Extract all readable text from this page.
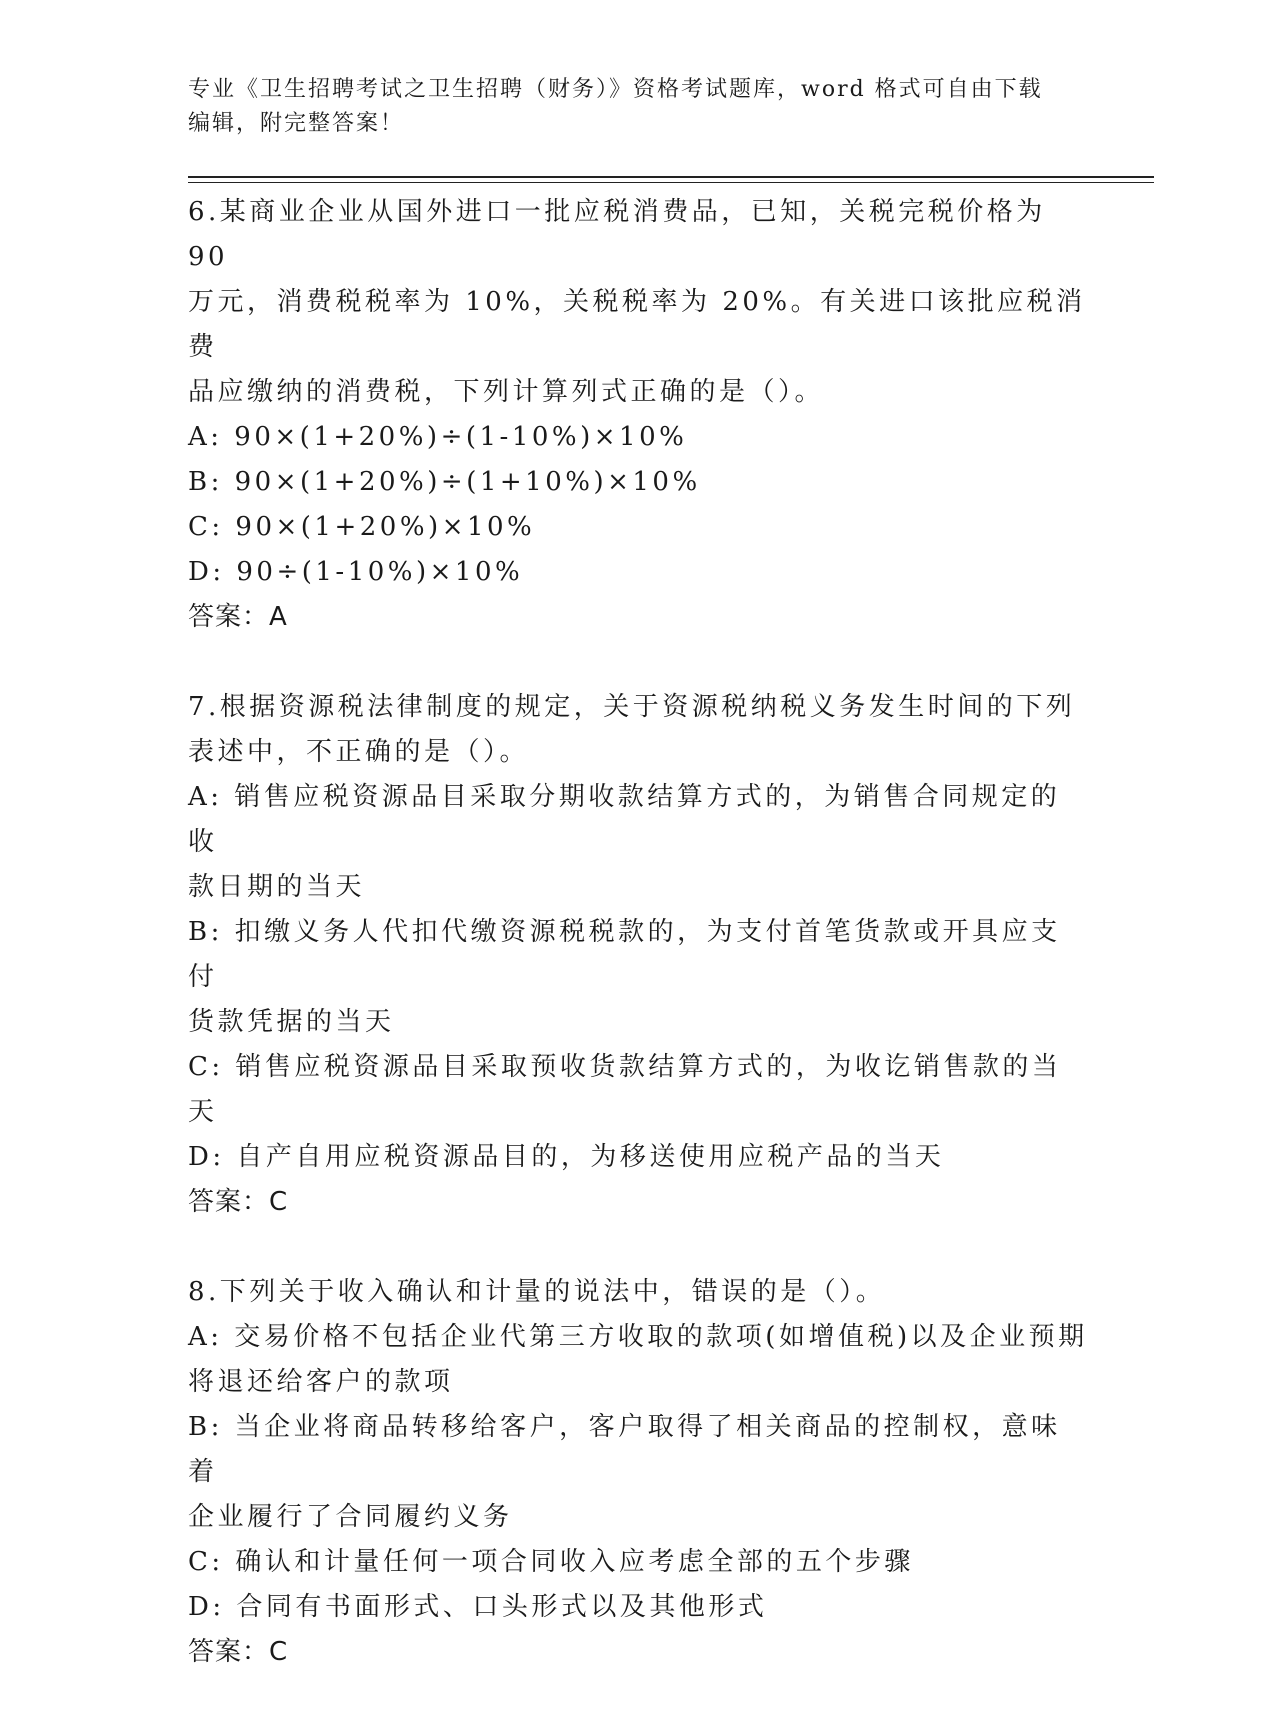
专业《卫生招聘考试之卫生招聘（财务）》资格考试题库，word 格式可自由下载
编辑，附完整答案！
6.某商业企业从国外进口一批应税消费品，已知，关税完税价格为 90
万元，消费税税率为 10%，关税税率为 20%。有关进口该批应税消费
品应缴纳的消费税，下列计算列式正确的是（）。
A: 90×(1+20%)÷(1-10%)×10%
B: 90×(1+20%)÷(1+10%)×10%
C: 90×(1+20%)×10%
D: 90÷(1-10%)×10%
答案：A
7.根据资源税法律制度的规定，关于资源税纳税义务发生时间的下列
表述中，不正确的是（）。
A: 销售应税资源品目采取分期收款结算方式的，为销售合同规定的收
款日期的当天
B: 扣缴义务人代扣代缴资源税税款的，为支付首笔货款或开具应支付
货款凭据的当天
C: 销售应税资源品目采取预收货款结算方式的，为收讫销售款的当天
D: 自产自用应税资源品目的，为移送使用应税产品的当天
答案：C
8.下列关于收入确认和计量的说法中，错误的是（）。
A: 交易价格不包括企业代第三方收取的款项(如增值税)以及企业预期
将退还给客户的款项
B: 当企业将商品转移给客户，客户取得了相关商品的控制权，意味着
企业履行了合同履约义务
C: 确认和计量任何一项合同收入应考虑全部的五个步骤
D: 合同有书面形式、口头形式以及其他形式
答案：C
